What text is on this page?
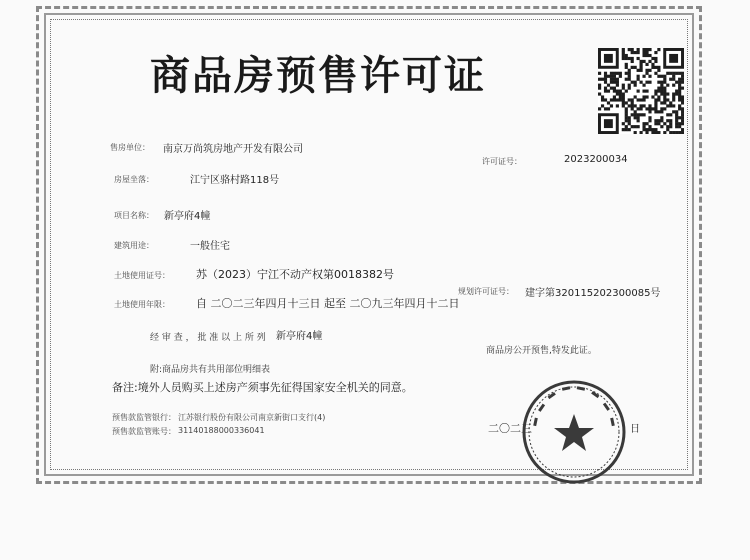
商品房预售许可证
售房单位： 南京万尚筑房地产开发有限公司
许可证号：	2023200034
房屋坐落：	江宁区骆村路118号
项目名称： 新亭府4幢
建筑用途：	一般住宅
土地使用证号： 苏（2023）宁江不动产权第0018382号
规划许可证号： 建字第320115202300085号
土地使用年限： 自 二〇二三年四月十三日 起至 二〇九三年四月十二日
经 审 查 ， 批 准 以 上 所 列 新亭府4幢
商品房公开预售,特发此证。
附:商品房共有共用部位明细表
备注:境外人员购买上述房产须事先征得国家安全机关的同意。
预售款监管银行： 江苏银行股份有限公司南京新街口支行(4)
预售款监管账号： 31140188000336041	二〇二三	日
